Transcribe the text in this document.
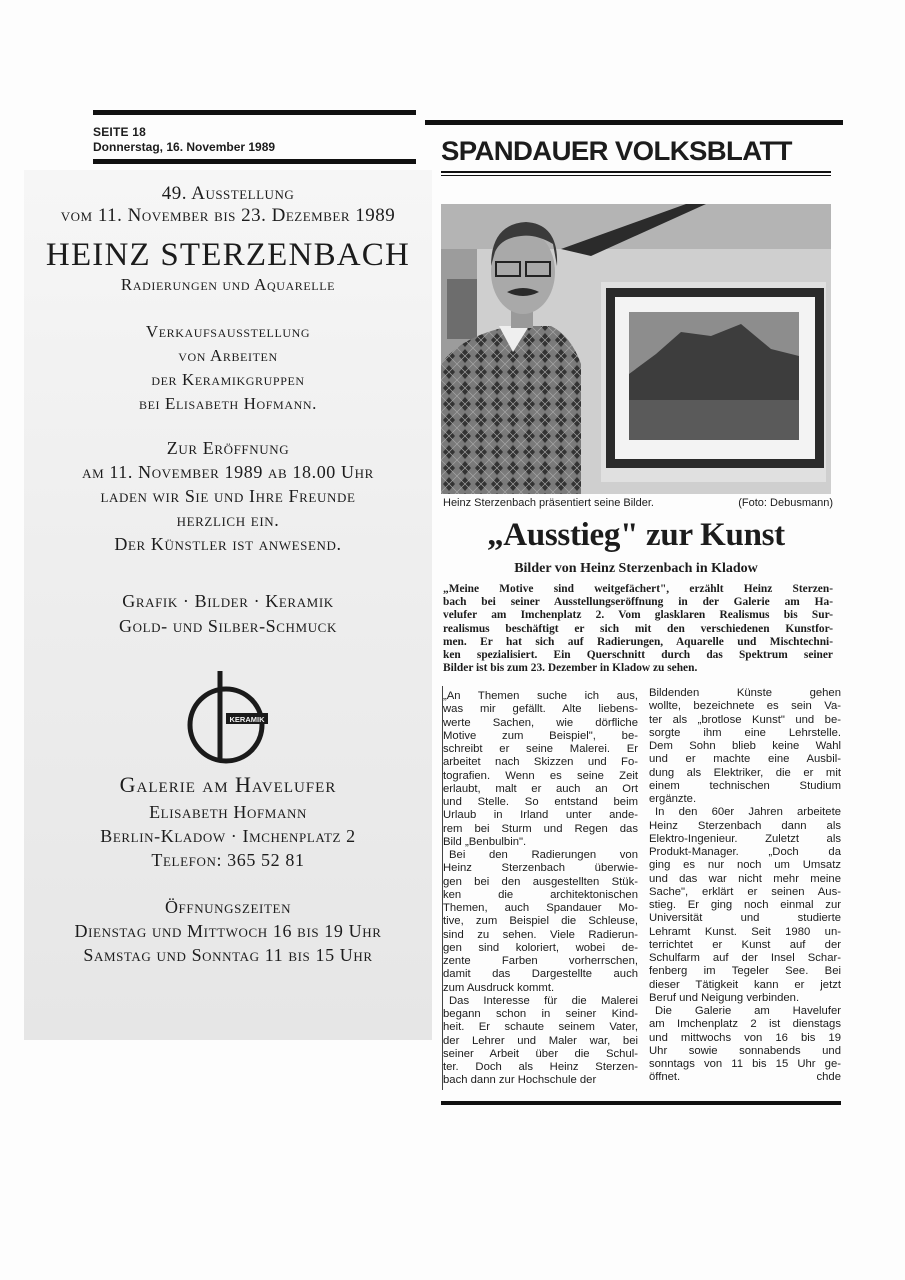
SEITE 18
Donnerstag, 16. November 1989
49. Ausstellung
vom 11. November bis 23. Dezember 1989
HEINZ STERZENBACH
Radierungen und Aquarelle
Verkaufsausstellung
von Arbeiten
der Keramikgruppen
bei Elisabeth Hofmann.
Zur Eröffnung
am 11. November 1989 ab 18.00 Uhr
laden wir Sie und Ihre Freunde
herzlich ein.
Der Künstler ist anwesend.
Grafik · Bilder · Keramik
Gold- und Silber-Schmuck
KERAMIK
Galerie am Havelufer
Elisabeth Hofmann
Berlin-Kladow · Imchenplatz 2
Telefon: 365 52 81
Öffnungszeiten
Dienstag und Mittwoch 16 bis 19 Uhr
Samstag und Sonntag 11 bis 15 Uhr
SPANDAUER VOLKSBLATT
Heinz Sterzenbach präsentiert seine Bilder.	(Foto: Debusmann)
„Ausstieg" zur Kunst
Bilder von Heinz Sterzenbach in Kladow
„Meine Motive sind weitgefächert", erzählt Heinz Sterzen-
bach bei seiner Ausstellungseröffnung in der Galerie am Ha-
velufer am Imchenplatz 2. Vom glasklaren Realismus bis Sur-
realismus beschäftigt er sich mit den verschiedenen Kunstfor-
men. Er hat sich auf Radierungen, Aquarelle und Mischtechni-
ken spezialisiert. Ein Querschnitt durch das Spektrum seiner
Bilder ist bis zum 23. Dezember in Kladow zu sehen.
„An Themen suche ich aus,
was mir gefällt. Alte liebens-
werte Sachen, wie dörfliche
Motive zum Beispiel", be-
schreibt er seine Malerei. Er
arbeitet nach Skizzen und Fo-
tografien. Wenn es seine Zeit
erlaubt, malt er auch an Ort
und Stelle. So entstand beim
Urlaub in Irland unter ande-
rem bei Sturm und Regen das
Bild „Benbulbin".
Bei den Radierungen von
Heinz Sterzenbach überwie-
gen bei den ausgestellten Stük-
ken die architektonischen
Themen, auch Spandauer Mo-
tive, zum Beispiel die Schleuse,
sind zu sehen. Viele Radierun-
gen sind koloriert, wobei de-
zente Farben vorherrschen,
damit das Dargestellte auch
zum Ausdruck kommt.
Das Interesse für die Malerei
begann schon in seiner Kind-
heit. Er schaute seinem Vater,
der Lehrer und Maler war, bei
seiner Arbeit über die Schul-
ter. Doch als Heinz Sterzen-
bach dann zur Hochschule der
Bildenden Künste gehen
wollte, bezeichnete es sein Va-
ter als „brotlose Kunst" und be-
sorgte ihm eine Lehrstelle.
Dem Sohn blieb keine Wahl
und er machte eine Ausbil-
dung als Elektriker, die er mit
einem technischen Studium
ergänzte.
In den 60er Jahren arbeitete
Heinz Sterzenbach dann als
Elektro-Ingenieur. Zuletzt als
Produkt-Manager. „Doch da
ging es nur noch um Umsatz
und das war nicht mehr meine
Sache", erklärt er seinen Aus-
stieg. Er ging noch einmal zur
Universität und studierte
Lehramt Kunst. Seit 1980 un-
terrichtet er Kunst auf der
Schulfarm auf der Insel Schar-
fenberg im Tegeler See. Bei
dieser Tätigkeit kann er jetzt
Beruf und Neigung verbinden.
Die Galerie am Havelufer
am Imchenplatz 2 ist dienstags
und mittwochs von 16 bis 19
Uhr sowie sonnabends und
sonntags von 11 bis 15 Uhr ge-
öffnet. chde
